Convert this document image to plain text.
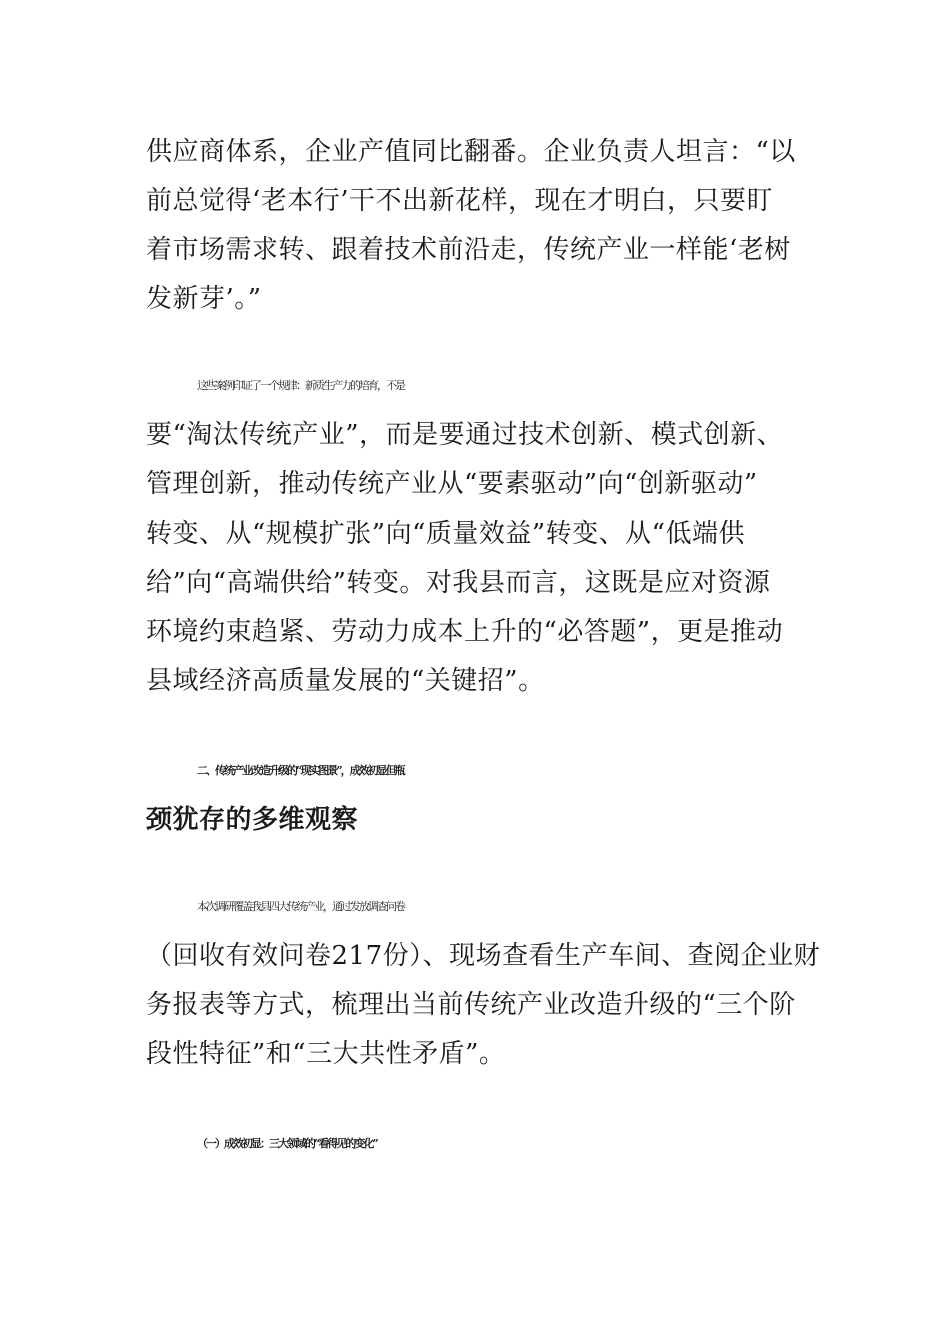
供应商体系，企业产值同比翻番。企业负责人坦言：“以
前总觉得‘老本行’干不出新花样，现在才明白，只要盯
着市场需求转、跟着技术前沿走，传统产业一样能‘老树
发新芽’。”
这些案例印证了一个规律：新质生产力的培育，不是
要“淘汰传统产业”，而是要通过技术创新、模式创新、
管理创新，推动传统产业从“要素驱动”向“创新驱动”
转变、从“规模扩张”向“质量效益”转变、从“低端供
给”向“高端供给”转变。对我县而言，这既是应对资源
环境约束趋紧、劳动力成本上升的“必答题”，更是推动
县域经济高质量发展的“关键招”。
二、传统产业改造升级的“现实图景”，成效初显但瓶
颈犹存的多维观察
本次调研覆盖我县四大传统产业，通过发放调查问卷
（回收有效问卷217份）、现场查看生产车间、查阅企业财
务报表等方式，梳理出当前传统产业改造升级的“三个阶
段性特征”和“三大共性矛盾”。
（一）成效初显：三大领域的“看得见的变化”
